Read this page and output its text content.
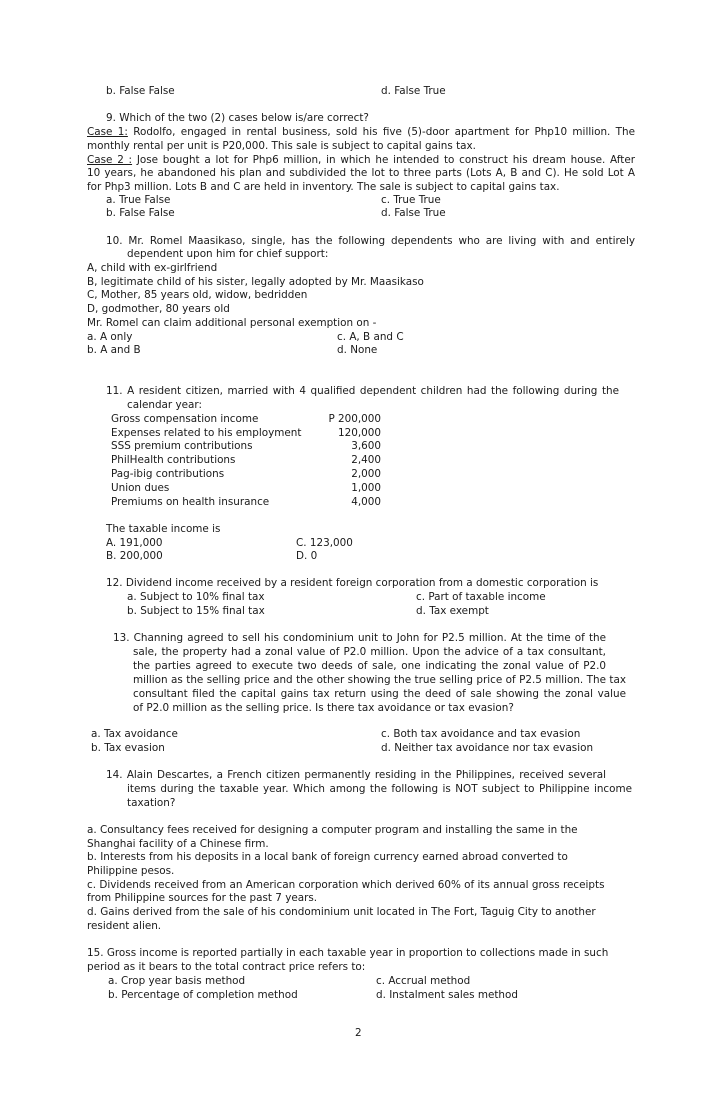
b. False False	d. False True
9. Which of the two (2) cases below is/are correct?
Case 1: Rodolfo, engaged in rental business, sold his five (5)-door apartment for Php10 million. The
monthly rental per unit is P20,000. This sale is subject to capital gains tax.
Case 2 : Jose bought a lot for Php6 million, in which he intended to construct his dream house. After
10 years, he abandoned his plan and subdivided the lot to three parts (Lots A, B and C). He sold Lot A
for Php3 million. Lots B and C are held in inventory. The sale is subject to capital gains tax.
a. True False	c. True True
b. False False	d. False True
10. Mr. Romel Maasikaso, single, has the following dependents who are living with and entirely
dependent upon him for chief support:
A, child with ex-girlfriend
B, legitimate child of his sister, legally adopted by Mr. Maasikaso
C, Mother, 85 years old, widow, bedridden
D, godmother, 80 years old
Mr. Romel can claim additional personal exemption on -
a. A only	c. A, B and C
b. A and B	d. None
11. A resident citizen, married with 4 qualified dependent children had the following during the
calendar year:
Gross compensation income	P 200,000
Expenses related to his employment	120,000
SSS premium contributions	3,600
PhilHealth contributions	2,400
Pag-ibig contributions	2,000
Union dues	1,000
Premiums on health insurance	4,000
The taxable income is
A. 191,000	C. 123,000
B. 200,000	D. 0
12. Dividend income received by a resident foreign corporation from a domestic corporation is
a. Subject to 10% final tax	c. Part of taxable income
b. Subject to 15% final tax	d. Tax exempt
13. Channing agreed to sell his condominium unit to John for P2.5 million. At the time of the
sale, the property had a zonal value of P2.0 million. Upon the advice of a tax consultant,
the parties agreed to execute two deeds of sale, one indicating the zonal value of P2.0
million as the selling price and the other showing the true selling price of P2.5 million. The tax
consultant filed the capital gains tax return using the deed of sale showing the zonal value
of P2.0 million as the selling price. Is there tax avoidance or tax evasion?
a. Tax avoidance	c. Both tax avoidance and tax evasion
b. Tax evasion	d. Neither tax avoidance nor tax evasion
14. Alain Descartes, a French citizen permanently residing in the Philippines, received several
items during the taxable year. Which among the following is NOT subject to Philippine income
taxation?
a. Consultancy fees received for designing a computer program and installing the same in the
Shanghai facility of a Chinese firm.
b. Interests from his deposits in a local bank of foreign currency earned abroad converted to
Philippine pesos.
c. Dividends received from an American corporation which derived 60% of its annual gross receipts
from Philippine sources for the past 7 years.
d. Gains derived from the sale of his condominium unit located in The Fort, Taguig City to another
resident alien.
15. Gross income is reported partially in each taxable year in proportion to collections made in such
period as it bears to the total contract price refers to:
a. Crop year basis method	c. Accrual method
b. Percentage of completion method	d. Instalment sales method
2
